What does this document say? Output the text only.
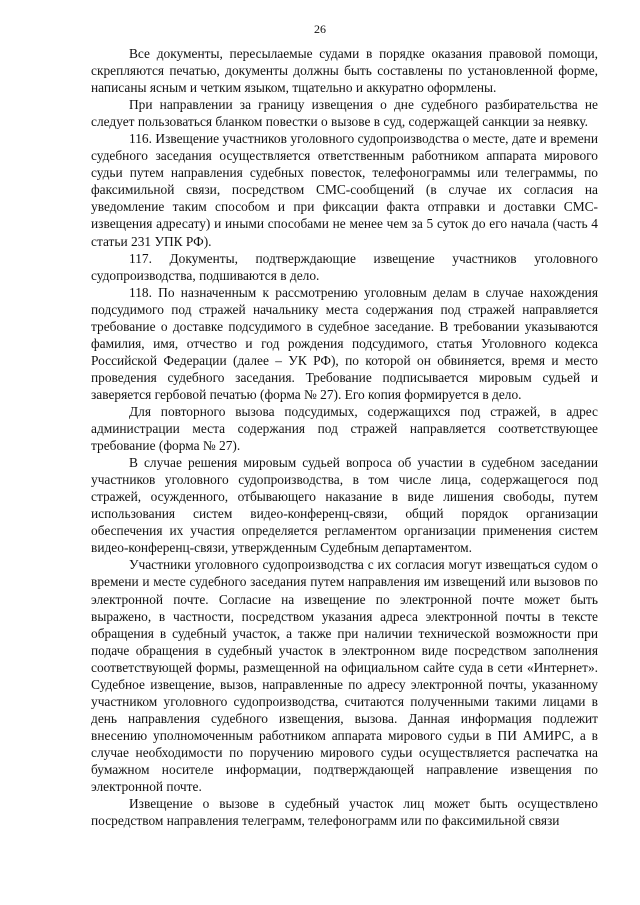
26

Все документы, пересылаемые судами в порядке оказания правовой помощи, скрепляются печатью, документы должны быть составлены по установленной форме, написаны ясным и четким языком, тщательно и аккуратно оформлены.

При направлении за границу извещения о дне судебного разбирательства не следует пользоваться бланком повестки о вызове в суд, содержащей санкции за неявку.

116. Извещение участников уголовного судопроизводства о месте, дате и времени судебного заседания осуществляется ответственным работником аппарата мирового судьи путем направления судебных повесток, телефонограммы или телеграммы, по факсимильной связи, посредством СМС-сообщений (в случае их согласия на уведомление таким способом и при фиксации факта отправки и доставки СМС-извещения адресату) и иными способами не менее чем за 5 суток до его начала (часть 4 статьи 231 УПК РФ).

117. Документы, подтверждающие извещение участников уголовного судопроизводства, подшиваются в дело.

118. По назначенным к рассмотрению уголовным делам в случае нахождения подсудимого под стражей начальнику места содержания под стражей направляется требование о доставке подсудимого в судебное заседание. В требовании указываются фамилия, имя, отчество и год рождения подсудимого, статья Уголовного кодекса Российской Федерации (далее – УК РФ), по которой он обвиняется, время и место проведения судебного заседания. Требование подписывается мировым судьей и заверяется гербовой печатью (форма № 27). Его копия формируется в дело.

Для повторного вызова подсудимых, содержащихся под стражей, в адрес администрации места содержания под стражей направляется соответствующее требование (форма № 27).

В случае решения мировым судьей вопроса об участии в судебном заседании участников уголовного судопроизводства, в том числе лица, содержащегося под стражей, осужденного, отбывающего наказание в виде лишения свободы, путем использования систем видео-конференц-связи, общий порядок организации обеспечения их участия определяется регламентом организации применения систем видео-конференц-связи, утвержденным Судебным департаментом.

Участники уголовного судопроизводства с их согласия могут извещаться судом о времени и месте судебного заседания путем направления им извещений или вызовов по электронной почте. Согласие на извещение по электронной почте может быть выражено, в частности, посредством указания адреса электронной почты в тексте обращения в судебный участок, а также при наличии технической возможности при подаче обращения в судебный участок в электронном виде посредством заполнения соответствующей формы, размещенной на официальном сайте суда в сети «Интернет». Судебное извещение, вызов, направленные по адресу электронной почты, указанному участником уголовного судопроизводства, считаются полученными такими лицами в день направления судебного извещения, вызова. Данная информация подлежит внесению уполномоченным работником аппарата мирового судьи в ПИ АМИРС, а в случае необходимости по поручению мирового судьи осуществляется распечатка на бумажном носителе информации, подтверждающей направление извещения по электронной почте.

Извещение о вызове в судебный участок лиц может быть осуществлено посредством направления телеграмм, телефонограмм или по факсимильной связи
